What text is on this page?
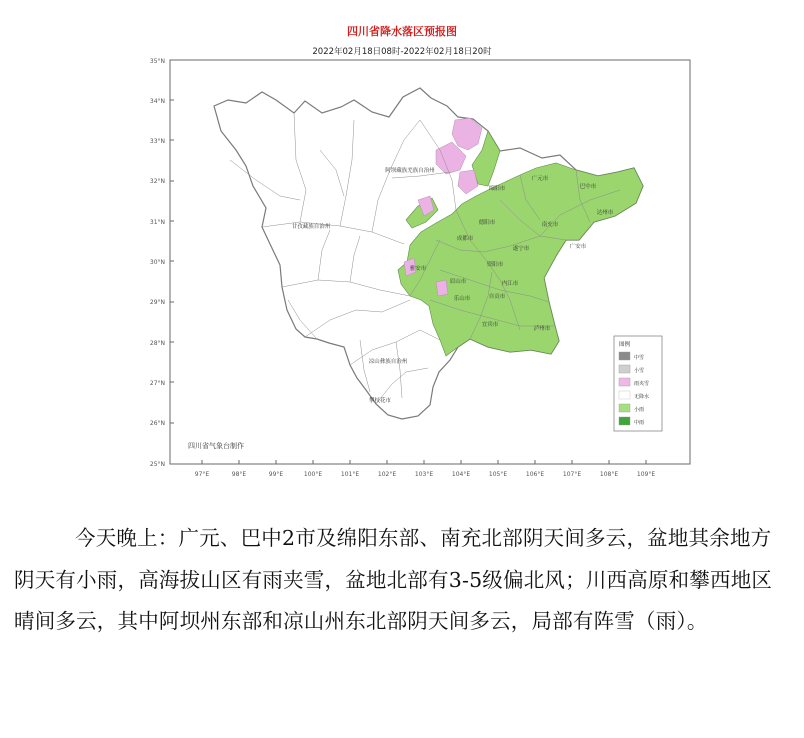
四川省降水落区预报图
2022年02月18日08时-2022年02月18日20时
35°N
34°N
33°N
32°N
31°N
30°N
29°N
28°N
27°N
26°N
25°N
97°E	98°E	99°E	100°E	101°E	102°E	103°E	104°E	105°E	106°E	107°E	108°E	109°E
阿坝藏族羌族自治州
甘孜藏族自治州
凉山彝族自治州
攀枝花市
广元市
巴中市
绵阳市
达州市
德阳市	南充市
成都市
遂宁市	广安市
资阳市
雅安市
眉山市	内江市
乐山市	自贡市
宜宾市
泸州市
四川省气象台制作
图例
中雪
小雪
雨夹雪
无降水
小雨
中雨

今天晚上：广元、巴中2市及绵阳东部、南充北部阴天间多云，盆地其余地方阴天有小雨，高海拔山区有雨夹雪，盆地北部有3-5级偏北风；川西高原和攀西地区晴间多云，其中阿坝州东部和凉山州东北部阴天间多云，局部有阵雪（雨）。
